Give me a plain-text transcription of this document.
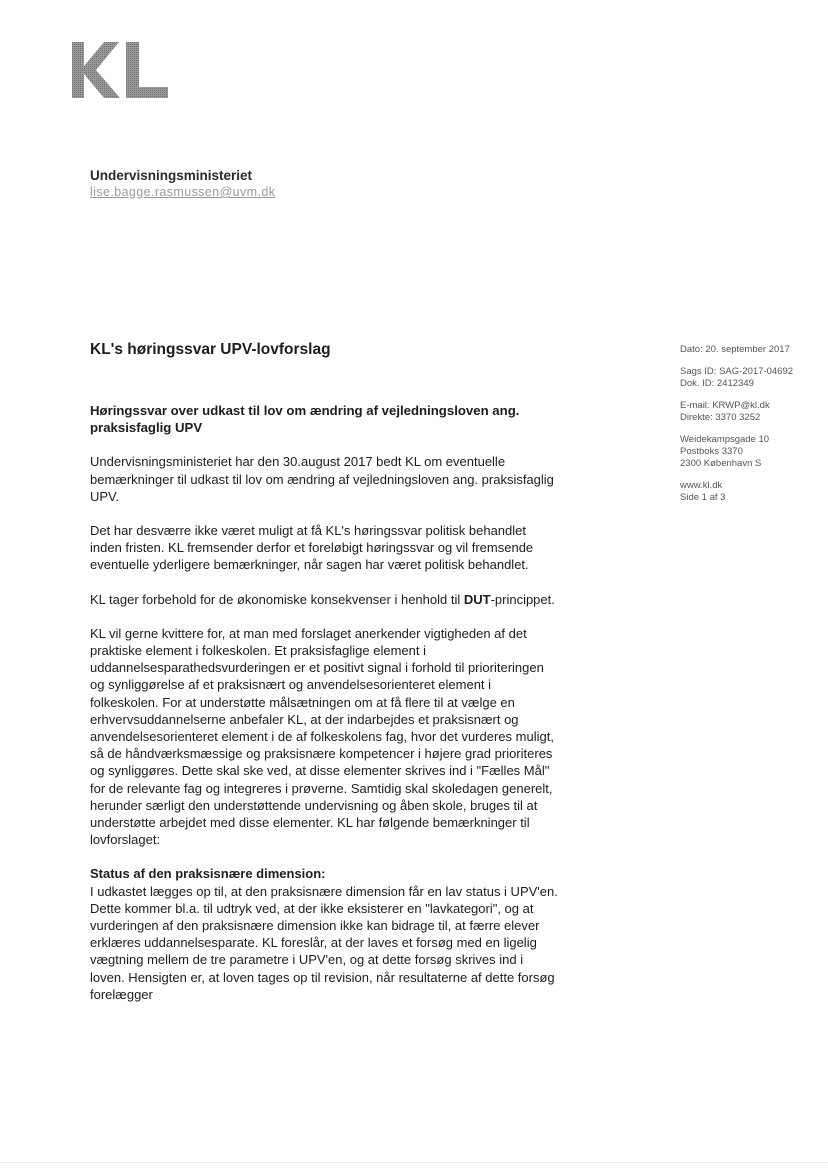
Undervisningsministeriet
lise.bagge.rasmussen@uvm.dk
KL's høringssvar UPV-lovforslag	Dato: 20. september 2017
Sags ID: SAG-2017-04692
Dok. ID: 2412349
E-mail: KRWP@kl.dk
Direkte: 3370 3252
Weidekampsgade 10
Postboks 3370
2300 København S
www.kl.dk
Side 1 af 3

Høringssvar over udkast til lov om ændring af vejledningsloven ang. praksisfaglig UPV

Undervisningsministeriet har den 30.august 2017 bedt KL om eventuelle bemærkninger til udkast til lov om ændring af vejledningsloven ang. praksisfaglig UPV.

Det har desværre ikke været muligt at få KL's høringssvar politisk behandlet inden fristen. KL fremsender derfor et foreløbigt høringssvar og vil fremsende eventuelle yderligere bemærkninger, når sagen har været politisk behandlet.

KL tager forbehold for de økonomiske konsekvenser i henhold til DUT-princippet.

KL vil gerne kvittere for, at man med forslaget anerkender vigtigheden af det praktiske element i folkeskolen. Et praksisfaglige element i uddannelsesparathedsvurderingen er et positivt signal i forhold til prioriteringen og synliggørelse af et praksisnært og anvendelsesorienteret element i folkeskolen. For at understøtte målsætningen om at få flere til at vælge en erhvervsuddannelserne anbefaler KL, at der indarbejdes et praksisnært og anvendelsesorienteret element i de af folkeskolens fag, hvor det vurderes muligt, så de håndværksmæssige og praksisnære kompetencer i højere grad prioriteres og synliggøres. Dette skal ske ved, at disse elementer skrives ind i "Fælles Mål" for de relevante fag og integreres i prøverne. Samtidig skal skoledagen generelt, herunder særligt den understøttende undervisning og åben skole, bruges til at understøtte arbejdet med disse elementer. KL har følgende bemærkninger til lovforslaget:

Status af den praksisnære dimension:

I udkastet lægges op til, at den praksisnære dimension får en lav status i UPV'en. Dette kommer bl.a. til udtryk ved, at der ikke eksisterer en "lavkategori", og at vurderingen af den praksisnære dimension ikke kan bidrage til, at færre elever erklæres uddannelsesparate. KL foreslår, at der laves et forsøg med en ligelig vægtning mellem de tre parametre i UPV'en, og at dette forsøg skrives ind i loven. Hensigten er, at loven tages op til revision, når resultaterne af dette forsøg forelægger
